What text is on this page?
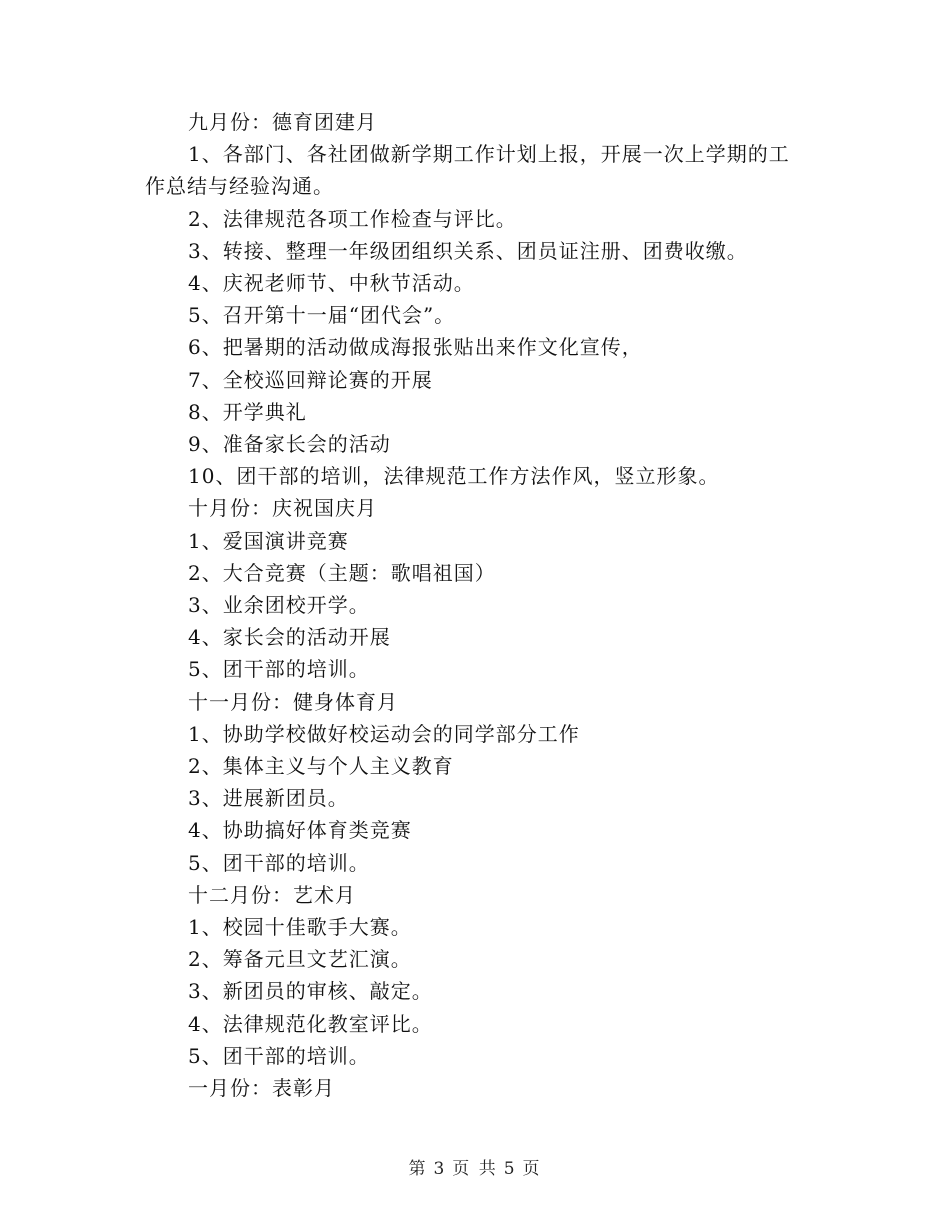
九月份：德育团建月

1、各部门、各社团做新学期工作计划上报，开展一次上学期的工作总结与经验沟通。

2、法律规范各项工作检查与评比。

3、转接、整理一年级团组织关系、团员证注册、团费收缴。

4、庆祝老师节、中秋节活动。

5、召开第十一届“团代会”。

6、把暑期的活动做成海报张贴出来作文化宣传，

7、全校巡回辩论赛的开展

8、开学典礼

9、准备家长会的活动

10、团干部的培训，法律规范工作方法作风，竖立形象。

十月份：庆祝国庆月

1、爱国演讲竞赛

2、大合竞赛（主题：歌唱祖国）

3、业余团校开学。

4、家长会的活动开展

5、团干部的培训。

十一月份：健身体育月

1、协助学校做好校运动会的同学部分工作

2、集体主义与个人主义教育

3、进展新团员。

4、协助搞好体育类竞赛

5、团干部的培训。

十二月份：艺术月

1、校园十佳歌手大赛。

2、筹备元旦文艺汇演。

3、新团员的审核、敲定。

4、法律规范化教室评比。

5、团干部的培训。

一月份：表彰月

第 3 页 共 5 页
